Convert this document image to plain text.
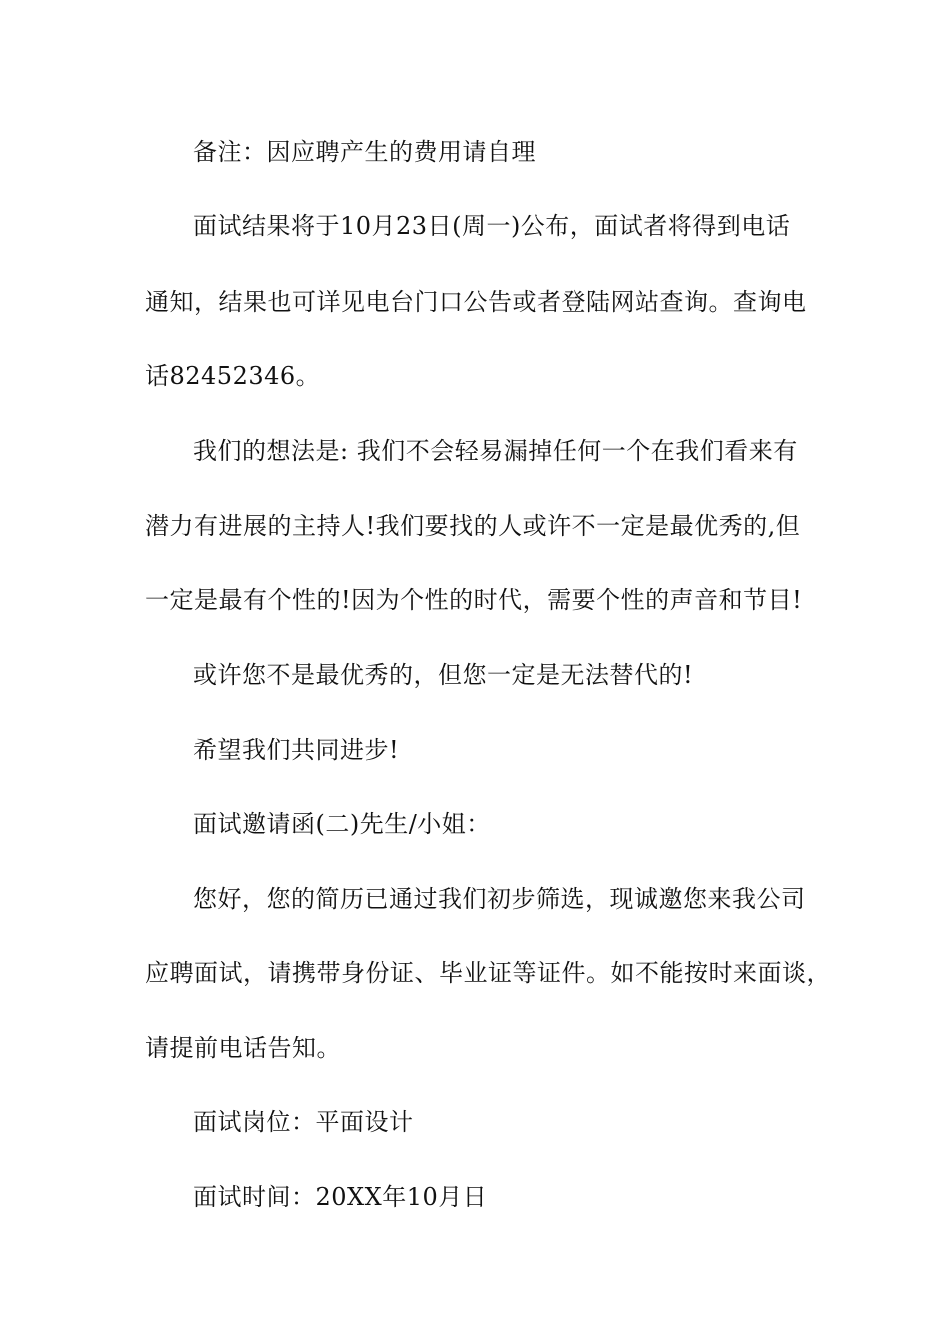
备注：因应聘产生的费用请自理
面试结果将于10月23日(周一)公布，面试者将得到电话
通知，结果也可详见电台门口公告或者登陆网站查询。查询电
话82452346。
我们的想法是: 我们不会轻易漏掉任何一个在我们看来有
潜力有进展的主持人!我们要找的人或许不一定是最优秀的,但
一定是最有个性的!因为个性的时代，需要个性的声音和节目!
或许您不是最优秀的，但您一定是无法替代的!
希望我们共同进步!
面试邀请函(二)先生/小姐：
您好，您的简历已通过我们初步筛选，现诚邀您来我公司
应聘面试，请携带身份证、毕业证等证件。如不能按时来面谈，
请提前电话告知。
面试岗位：平面设计
面试时间：20XX年10月日
